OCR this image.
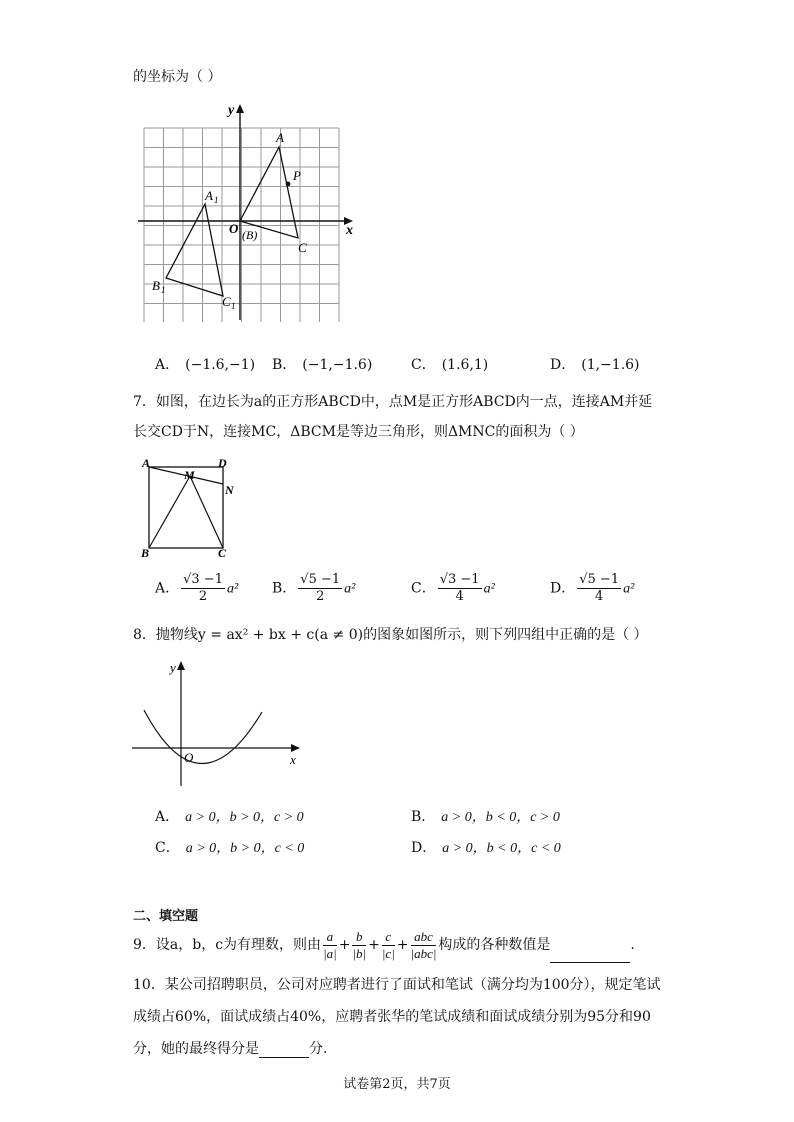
的坐标为（ ）
A
P
O (B)
C
A 1
B 1
C 1
x
y
A． (−1.6,−1) B． (−1,−1.6)	C． (1.6,1)	D． (1,−1.6)
7．如图，在边长为a的正方形ABCD中，点M是正方形ABCD内一点，连接AM并延
长交CD于N，连接MC，ΔBCM是等边三角形，则ΔMNC的面积为（ ）
A	D
M
N
B	C
A． $\frac{√3 -1}{2} a^2$ B． $\frac{√5 -1}{2} a^2$	C． $\frac{√3 -1}{4} a^2$	D． $\frac{√5 -1}{4} a^2$
8．抛物线y = ax² + bx + c(a ≠ 0)的图象如图所示，则下列四组中正确的是（ ）
y
O	x
A． a > 0，b > 0，c > 0	B． a > 0，b < 0，c > 0
C． a > 0，b > 0，c < 0	D． a > 0，b < 0，c < 0
二、填空题
9．设a，b，c为有理数，则由 $\frac{a}{|a|} + \frac{b}{|b|} + \frac{c}{|c|} + \frac{\text{abc}}{\text{|abc|}}$ 构成的各种数值是	.
10．某公司招聘职员，公司对应聘者进行了面试和笔试（满分均为100分），规定笔试
成绩占60%，面试成绩占40%，应聘者张华的笔试成绩和面试成绩分别为95分和90
分，她的最终得分是	分.
试卷第2页，共7页
